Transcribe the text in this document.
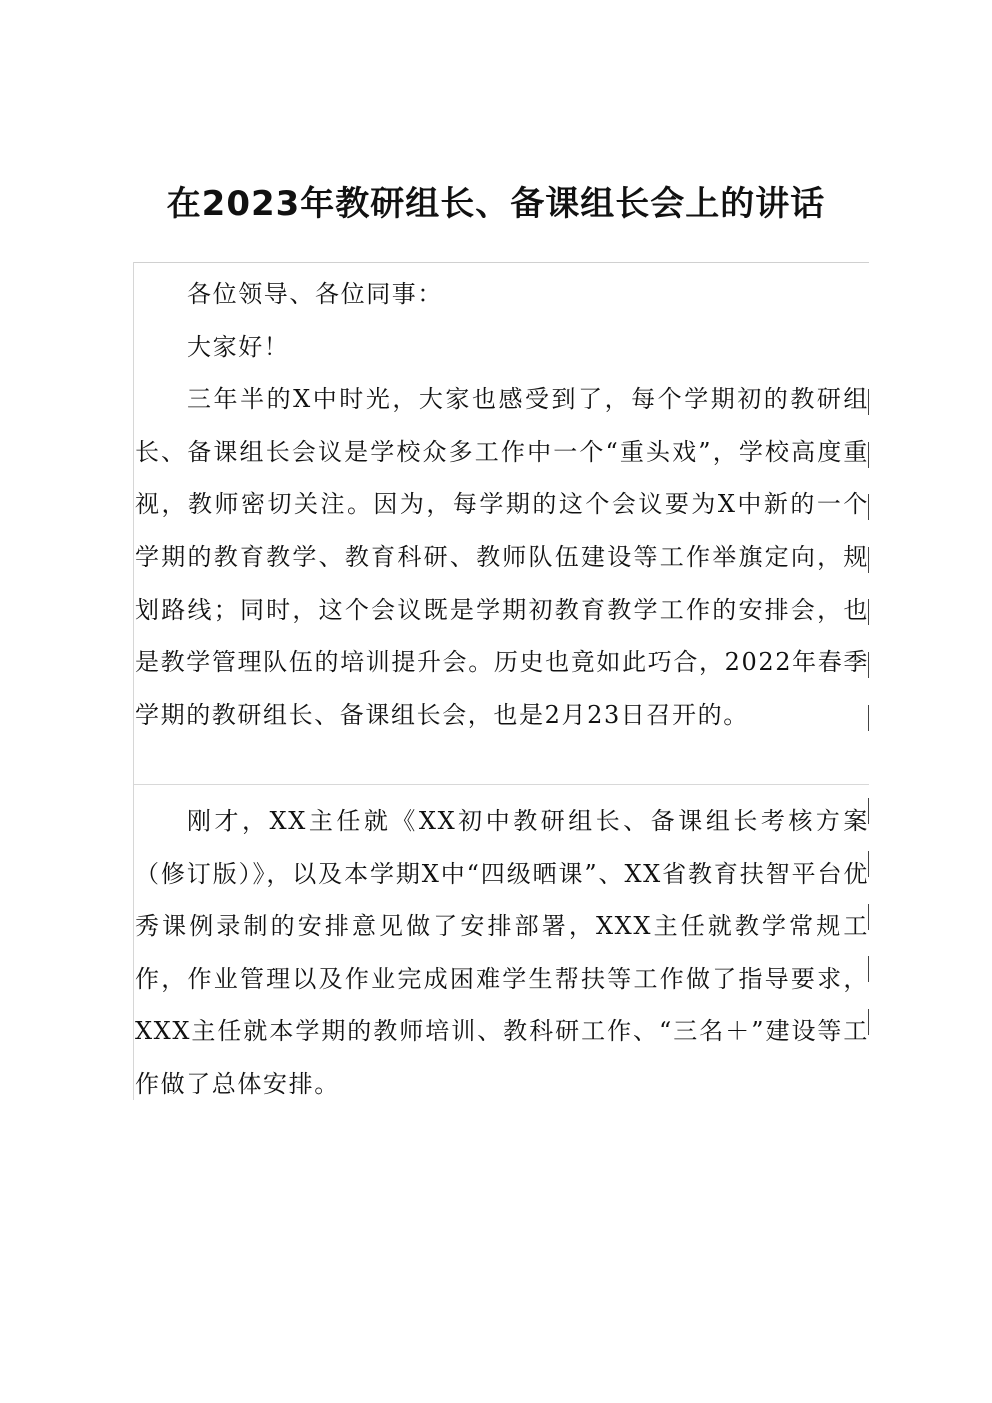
在2023年教研组长、备课组长会上的讲话

各位领导、各位同事：

大家好！

三年半的X中时光，大家也感受到了，每个学期初的教研组长、备课组长会议是学校众多工作中一个“重头戏”，学校高度重视，教师密切关注。因为，每学期的这个会议要为X中新的一个学期的教育教学、教育科研、教师队伍建设等工作举旗定向，规划路线；同时，这个会议既是学期初教育教学工作的安排会，也是教学管理队伍的培训提升会。历史也竟如此巧合，2022年春季学期的教研组长、备课组长会，也是2月23日召开的。

刚才，XX主任就《XX初中教研组长、备课组长考核方案（修订版）》，以及本学期X中“四级晒课”、XX省教育扶智平台优秀课例录制的安排意见做了安排部署，XXX主任就教学常规工作，作业管理以及作业完成困难学生帮扶等工作做了指导要求，XXX主任就本学期的教师培训、教科研工作、“三名＋”建设等工作做了总体安排。
